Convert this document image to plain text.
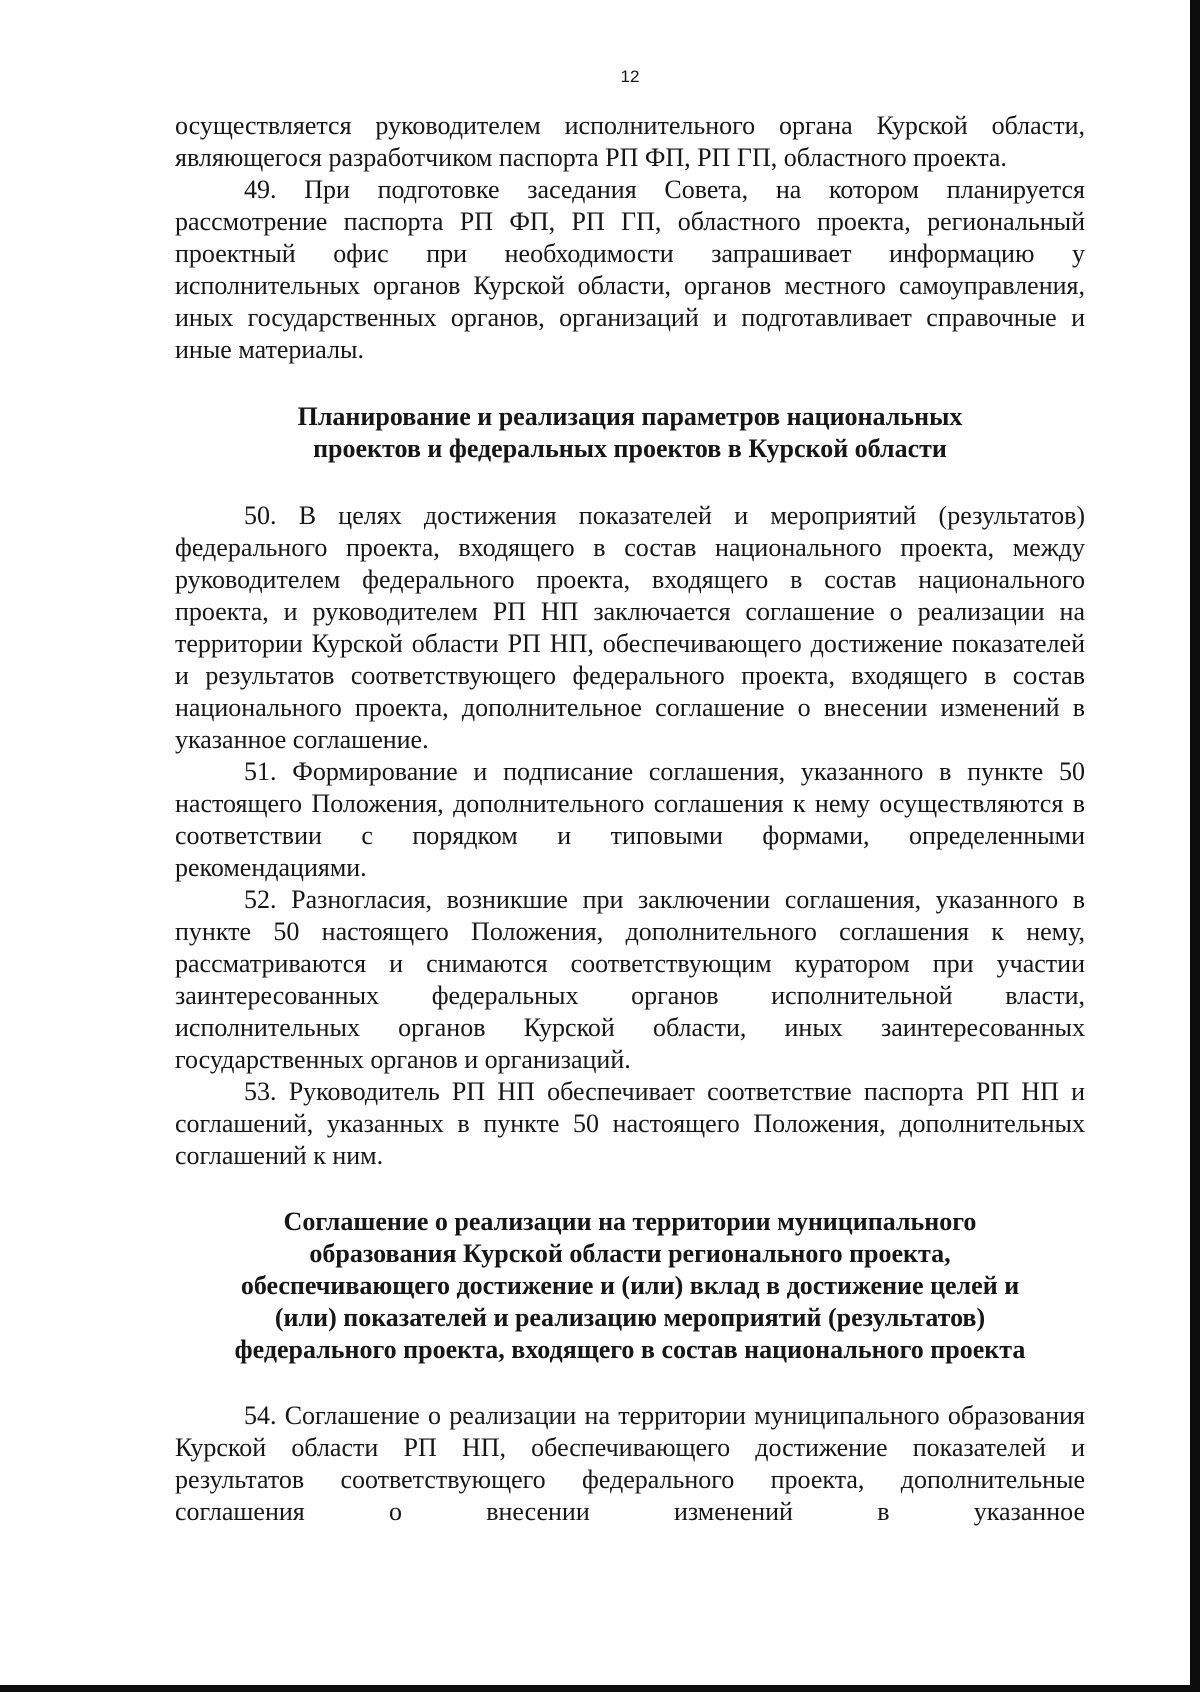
12

осуществляется руководителем исполнительного органа Курской области, являющегося разработчиком паспорта РП ФП, РП ГП, областного проекта.

49. При подготовке заседания Совета, на котором планируется рассмотрение паспорта РП ФП, РП ГП, областного проекта, региональный проектный офис при необходимости запрашивает информацию у исполнительных органов Курской области, органов местного самоуправления, иных государственных органов, организаций и подготавливает справочные и иные материалы.

Планирование и реализация параметров национальных
проектов и федеральных проектов в Курской области

50. В целях достижения показателей и мероприятий (результатов) федерального проекта, входящего в состав национального проекта, между руководителем федерального проекта, входящего в состав национального проекта, и руководителем РП НП заключается соглашение о реализации на территории Курской области РП НП, обеспечивающего достижение показателей и результатов соответствующего федерального проекта, входящего в состав национального проекта, дополнительное соглашение о внесении изменений в указанное соглашение.

51. Формирование и подписание соглашения, указанного в пункте 50 настоящего Положения, дополнительного соглашения к нему осуществляются в соответствии с порядком и типовыми формами, определенными рекомендациями.

52. Разногласия, возникшие при заключении соглашения, указанного в пункте 50 настоящего Положения, дополнительного соглашения к нему, рассматриваются и снимаются соответствующим куратором при участии заинтересованных федеральных органов исполнительной власти, исполнительных органов Курской области, иных заинтересованных государственных органов и организаций.

53. Руководитель РП НП обеспечивает соответствие паспорта РП НП и соглашений, указанных в пункте 50 настоящего Положения, дополнительных соглашений к ним.

Соглашение о реализации на территории муниципального
образования Курской области регионального проекта,
обеспечивающего достижение и (или) вклад в достижение целей и
(или) показателей и реализацию мероприятий (результатов)
федерального проекта, входящего в состав национального проекта

54. Соглашение о реализации на территории муниципального образования Курской области РП НП, обеспечивающего достижение показателей и результатов соответствующего федерального проекта, дополнительные соглашения о внесении изменений в указанное
